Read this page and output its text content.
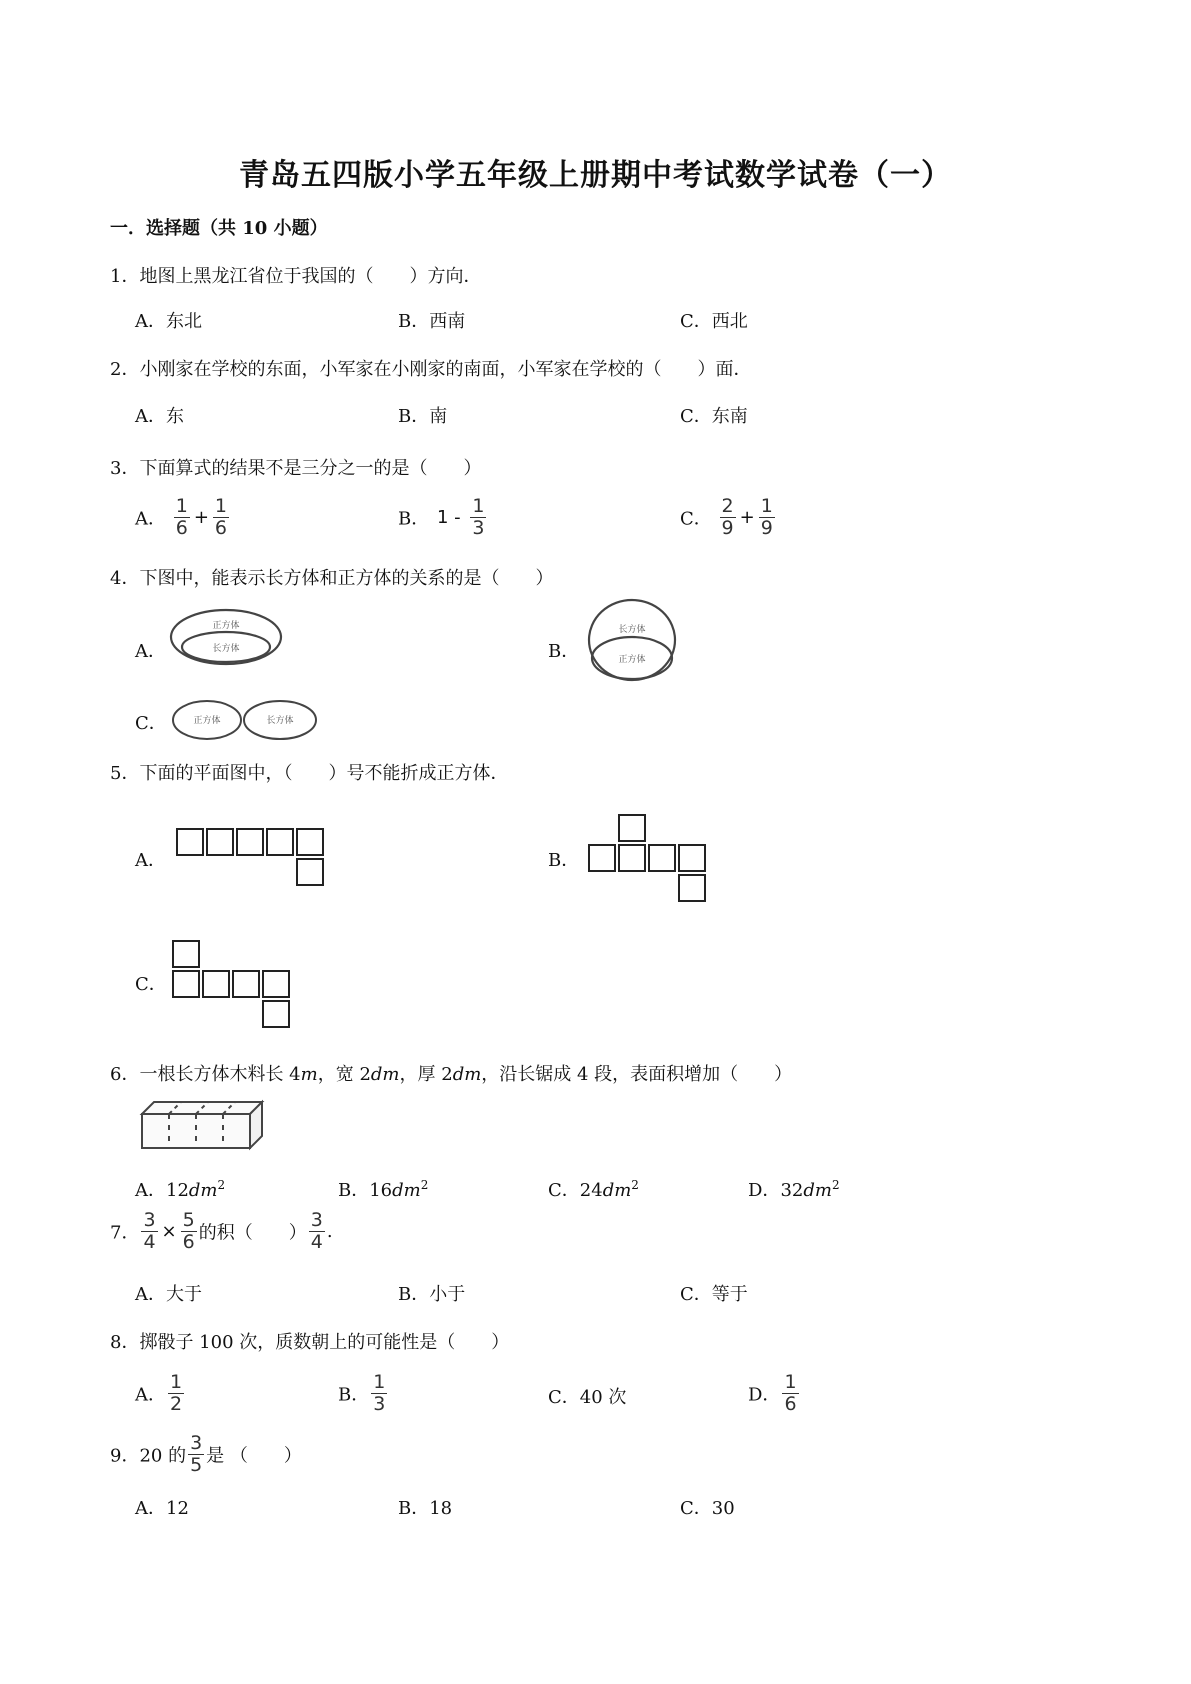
青岛五四版小学五年级上册期中考试数学试卷（一）
一．选择题（共 10 小题）
1．地图上黑龙江省位于我国的（　　）方向．
A．东北	B．西南	C．西北
2．小刚家在学校的东面，小军家在小刚家的南面，小军家在学校的（　　）面．
A．东	B．南	C．东南
3．下面算式的结果不是三分之一的是（　　）
A． $\frac{1}{6} + \frac{1}{6}$	B． $1 - \frac{1}{3}$	C． $\frac{2}{9} + \frac{1}{9}$
4．下图中，能表示长方体和正方体的关系的是（　　）
A．
正方体
长方体	B．
长方体
正方体
C．	正方体	长方体
5．下面的平面图中，（　　）号不能折成正方体．
A．	B．
C．
6．一根长方体木料长 4m，宽 2dm，厚 2dm，沿长锯成 4 段，表面积增加（　　）
A．$12dm^2$	B．$16dm^2$	C．$24dm^2$	D．$32dm^2$
7． $\frac{3}{4} \times \frac{5}{6}$ 的积（　　） $\frac{3}{4}$ .
A．大于	B．小于	C．等于
8．掷骰子 100 次，质数朝上的可能性是（　　）
A． $\frac{1}{2}$	B． $\frac{1}{3}$	C．40 次	D． $\frac{1}{6}$
9．20 的 $\frac{3}{5}$ 是 （　　）
A．12	B．18	C．30
